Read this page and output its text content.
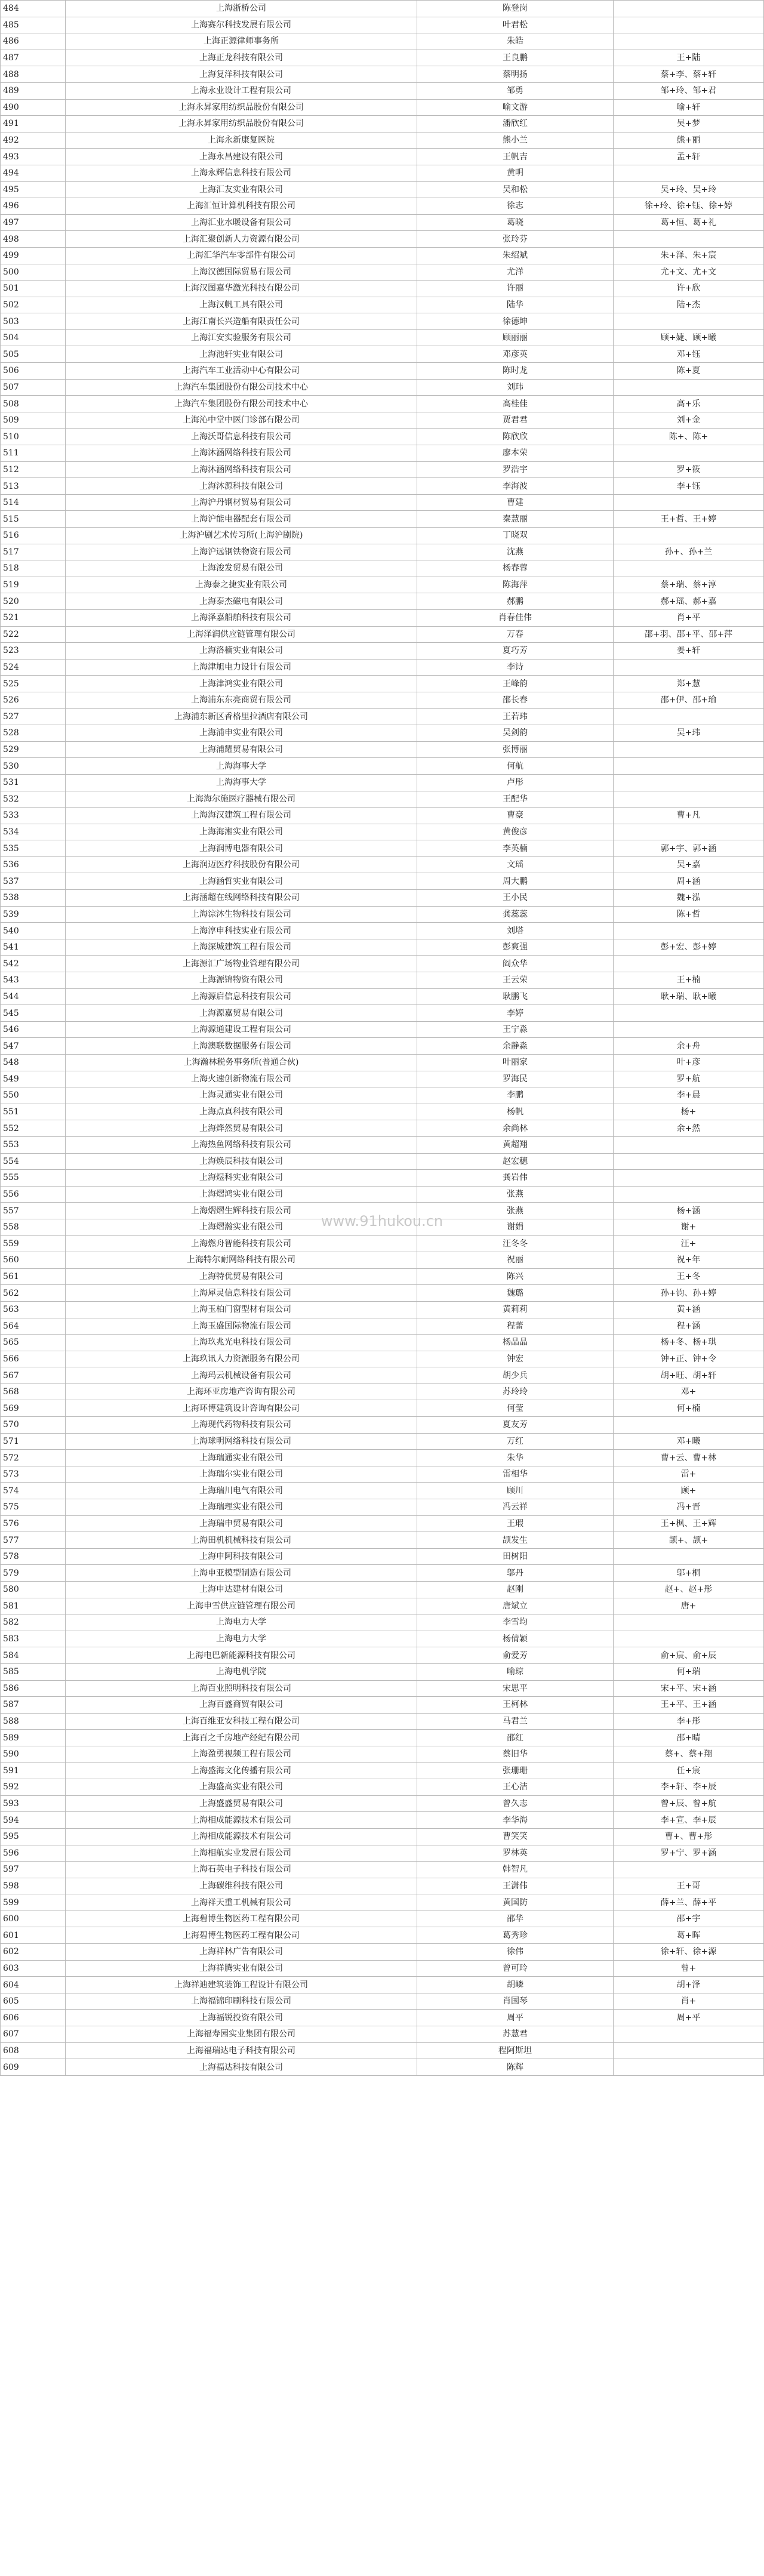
484	上海浙桥公司	陈登岗	
485	上海赛尔科技发展有限公司	叶君松	
486	上海正源律师事务所	朱皓	
487	上海正龙科技有限公司	王良鹏	王+陆
488	上海复洋科技有限公司	蔡明扬	蔡+李、蔡+轩
489	上海永业设计工程有限公司	邹勇	邹+玲、邹+君
490	上海永昇家用纺织品股份有限公司	喻文游	喻+轩
491	上海永昇家用纺织品股份有限公司	潘欣红	吴+梦
492	上海永新康复医院	熊小兰	熊+丽
493	上海永昌建设有限公司	王帆吉	孟+轩
494	上海永辉信息科技有限公司	黄明	
495	上海汇友实业有限公司	吴和松	吴+玲、吴+玲
496	上海汇恒计算机科技有限公司	徐志	徐+玲、徐+钰、徐+婷
497	上海汇业水暖设备有限公司	葛晓	葛+恒、葛+礼
498	上海汇聚创新人力资源有限公司	张玲芬	
499	上海汇华汽车零部件有限公司	朱绍斌	朱+泽、朱+宸
500	上海汉德国际贸易有限公司	尤洋	尤+文、尤+文
501	上海汉图嘉华激光科技有限公司	许丽	许+欣
502	上海汉帆工具有限公司	陆华	陆+杰
503	上海江南长兴造船有限责任公司	徐德坤	
504	上海江安实验服务有限公司	顾丽丽	顾+婕、顾+曦
505	上海池轩实业有限公司	邓彦英	邓+钰
506	上海汽车工业活动中心有限公司	陈时龙	陈+夏
507	上海汽车集团股份有限公司技术中心	刘玮	
508	上海汽车集团股份有限公司技术中心	高桂佳	高+乐
509	上海沁中堂中医门诊部有限公司	贾君君	刘+金
510	上海沃哥信息科技有限公司	陈欣欣	陈+、陈+
511	上海沐涵网络科技有限公司	廖本荣	
512	上海沐涵网络科技有限公司	罗浩宇	罗+筱
513	上海沐源科技有限公司	李海波	李+钰
514	上海沪丹钢材贸易有限公司	曹建	
515	上海沪能电器配套有限公司	秦慧丽	王+哲、王+婷
516	上海沪剧艺术传习所(上海沪剧院)	丁晓双	
517	上海沪远钢铁物资有限公司	沈燕	孙+、孙+兰
518	上海浚发贸易有限公司	杨春蓉	
519	上海泰之捷实业有限公司	陈海萍	蔡+瑞、蔡+淳
520	上海泰杰磁电有限公司	郝鹏	郝+瑶、郝+嘉
521	上海泽嘉船舶科技有限公司	肖春佳伟	肖+平
522	上海泽润供应链管理有限公司	万春	邵+羽、邵+平、邵+萍
523	上海洛楠实业有限公司	夏巧芳	姜+轩
524	上海津旭电力设计有限公司	李诗	
525	上海津鸿实业有限公司	王峰韵	郑+慧
526	上海浦东东亮商贸有限公司	邵长春	邵+伊、邵+瑜
527	上海浦东新区香格里拉酒店有限公司	王若玮	
528	上海浦申实业有限公司	吴剑韵	吴+玮
529	上海浦耀贸易有限公司	张博丽	
530	上海海事大学	何航	
531	上海海事大学	卢彤	
532	上海海尔施医疗器械有限公司	王配华	
533	上海海汉建筑工程有限公司	曹豪	曹+凡
534	上海海湘实业有限公司	黄俊彦	
535	上海润博电器有限公司	李英楠	郭+宇、郭+涵
536	上海润迈医疗科技股份有限公司	文瑶	吴+嘉
537	上海涵哲实业有限公司	周大鹏	周+涵
538	上海涵超在线网络科技有限公司	王小民	魏+泓
539	上海淙沐生物科技有限公司	龚蕊蕊	陈+哲
540	上海淳申科技实业有限公司	刘塔	
541	上海深城建筑工程有限公司	彭爽强	彭+宏、彭+婷
542	上海源汇广场物业管理有限公司	阎众华	
543	上海源锦物资有限公司	王云荣	王+楠
544	上海源启信息科技有限公司	耿鹏飞	耿+瑞、耿+曦
545	上海源嘉贸易有限公司	李婷	
546	上海源通建设工程有限公司	王宁淼	
547	上海澳联数据服务有限公司	余静淼	余+舟
548	上海瀚林税务事务所(普通合伙)	叶丽家	叶+彦
549	上海火速创新物流有限公司	罗海民	罗+航
550	上海灵通实业有限公司	李鹏	李+晨
551	上海点真科技有限公司	杨帆	杨+
552	上海烨然贸易有限公司	余尚林	余+然
553	上海热鱼网络科技有限公司	黄超翔	
554	上海焕辰科技有限公司	赵宏穗	
555	上海煜科实业有限公司	龚岩伟	
556	上海熠鸿实业有限公司	张燕	
557	上海熠熠生辉科技有限公司	张燕	杨+涵
558	上海熠瀚实业有限公司	谢娟	谢+
559	上海燃舟智能科技有限公司	汪冬冬	汪+
560	上海特尔耐网络科技有限公司	祝丽	祝+年
561	上海特优贸易有限公司	陈兴	王+冬
562	上海犀灵信息科技有限公司	魏璐	孙+钧、孙+婷
563	上海玉柏门窗型材有限公司	黄莉莉	黄+涵
564	上海玉盛国际物流有限公司	程蕾	程+涵
565	上海玖兆光电科技有限公司	杨晶晶	杨+冬、杨+琪
566	上海玖讯人力资源服务有限公司	钟宏	钟+正、钟+令
567	上海玛云机械设备有限公司	胡少兵	胡+旺、胡+轩
568	上海环亚房地产咨询有限公司	苏玲玲	邓+
569	上海环博建筑设计咨询有限公司	何莹	何+楠
570	上海现代药物科技有限公司	夏友芳	
571	上海球明网络科技有限公司	万红	邓+曦
572	上海瑞通实业有限公司	朱华	曹+云、曹+林
573	上海瑞尔实业有限公司	雷相华	雷+
574	上海瑞川电气有限公司	顾川	顾+
575	上海瑞理实业有限公司	冯云祥	冯+晋
576	上海瑞申贸易有限公司	王瑕	王+枫、王+辉
577	上海田机机械科技有限公司	颉发生	颉+、颉+
578	上海申阿科技有限公司	田树阳	
579	上海申亚模型制造有限公司	邬丹	邬+桐
580	上海申达建材有限公司	赵刚	赵+、赵+彤
581	上海申雪供应链管理有限公司	唐斌立	唐+
582	上海电力大学	李雪均	
583	上海电力大学	杨倩颖	
584	上海电巴新能源科技有限公司	俞爱芳	俞+宸、俞+辰
585	上海电机学院	喻琼	何+瑞
586	上海百业照明科技有限公司	宋思平	宋+平、宋+涵
587	上海百盛商贸有限公司	王柯林	王+平、王+涵
588	上海百维亚安科技工程有限公司	马君兰	李+彤
589	上海百之千房地产经纪有限公司	邵红	邵+晴
590	上海盈勇视频工程有限公司	蔡旧华	蔡+、蔡+翔
591	上海盛海文化传播有限公司	张珊珊	任+宸
592	上海盛高实业有限公司	王心洁	李+轩、李+辰
593	上海盛盛贸易有限公司	曾久志	曾+辰、曾+航
594	上海相成能源技术有限公司	李华海	李+宣、李+辰
595	上海相成能源技术有限公司	曹笑笑	曹+、曹+彤
596	上海相航实业发展有限公司	罗林英	罗+宁、罗+涵
597	上海石英电子科技有限公司	韩智凡	
598	上海碳维科技有限公司	王潇伟	王+哥
599	上海祥天重工机械有限公司	黄国防	薛+兰、薛+平
600	上海碧博生物医药工程有限公司	邵华	邵+宇
601	上海碧博生物医药工程有限公司	葛秀珍	葛+晖
602	上海祥林广告有限公司	徐伟	徐+轩、徐+源
603	上海祥腾实业有限公司	曾可玲	曾+
604	上海祥迪建筑装饰工程设计有限公司	胡嶙	胡+泽
605	上海福锦印刷科技有限公司	肖国琴	肖+
606	上海福锐投资有限公司	周平	周+平
607	上海福寿园实业集团有限公司	苏慧君	
608	上海福瑞达电子科技有限公司	程阿斯坦	
609	上海福达科技有限公司	陈辉	
www.91hukou.cn
